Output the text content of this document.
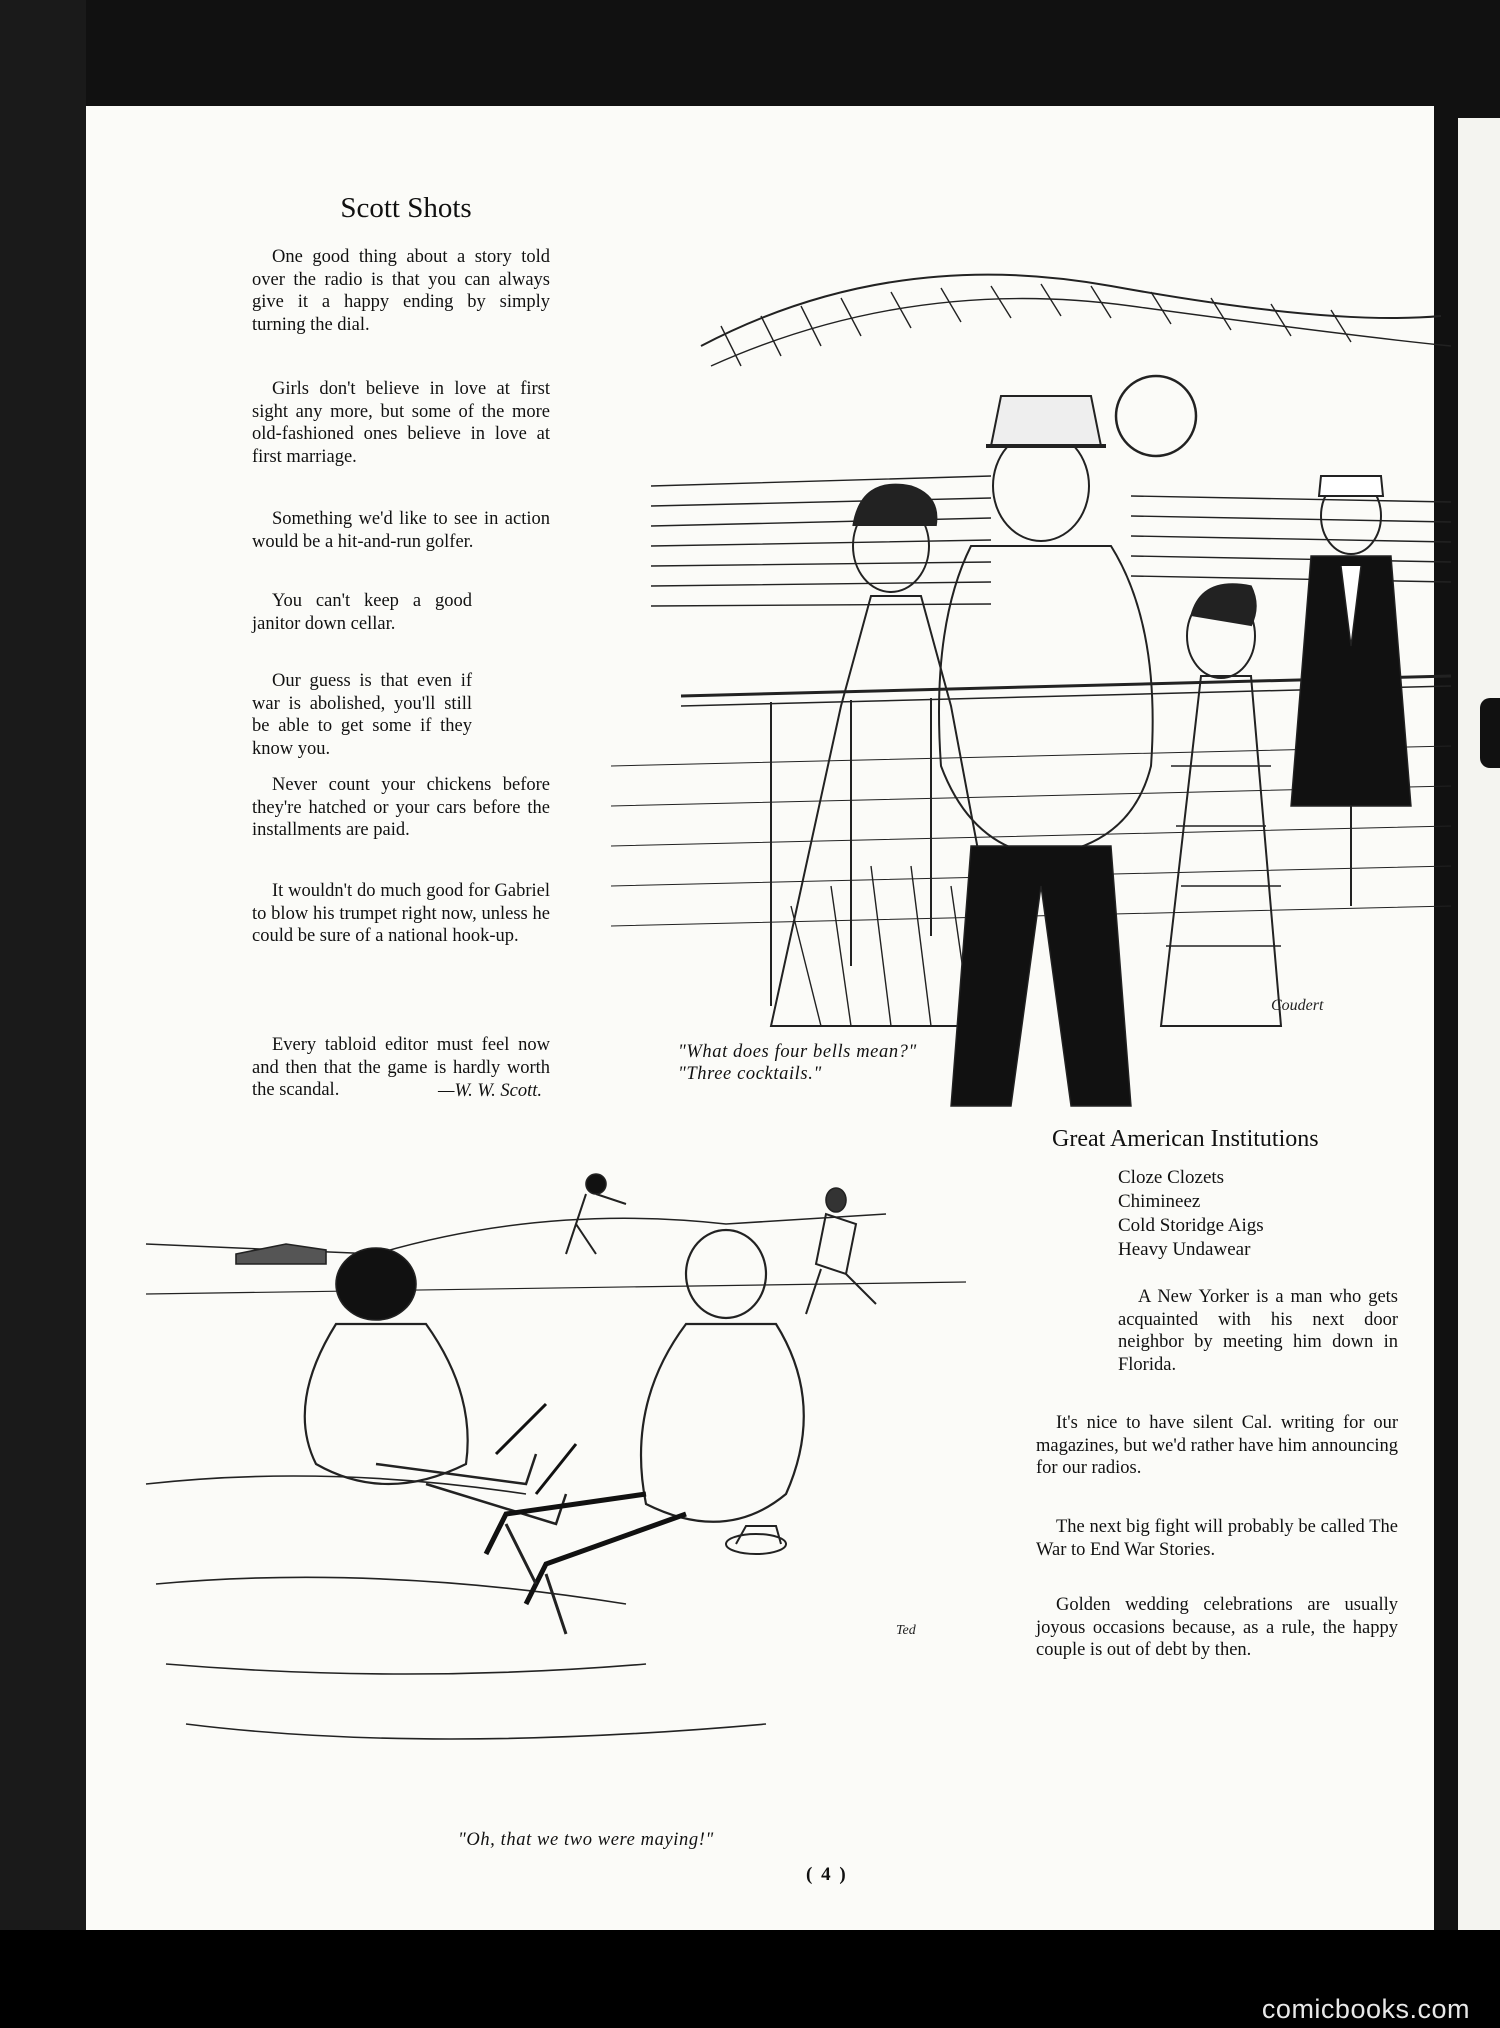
Scott Shots

One good thing about a story told over the radio is that you can always give it a happy ending by simply turning the dial.

Girls don't believe in love at first sight any more, but some of the more old-fashioned ones believe in love at first marriage.

Something we'd like to see in action would be a hit-and-run golfer.

You can't keep a good janitor down cellar.

Our guess is that even if war is abolished, you'll still be able to get some if they know you.

Never count your chickens before they're hatched or your cars before the installments are paid.

It wouldn't do much good for Gabriel to blow his trumpet right now, unless he could be sure of a national hook-up.

Every tabloid editor must feel now and then that the game is hardly worth the scandal.	—W. W. Scott.
Coudert

"What does four bells mean?"
"Three cocktails."

Great American Institutions
Cloze Clozets
Chimineez
Cold Storidge Aigs
Heavy Undawear

A New Yorker is a man who gets acquainted with his next door neighbor by meeting him down in Florida.

It's nice to have silent Cal. writing for our magazines, but we'd rather have him announcing for our radios.

The next big fight will probably be called The War to End War Stories.

Golden wedding celebrations are usually joyous occasions because, as a rule, the happy couple is out of debt by then.

Ted

"Oh, that we two were maying!"

( 4 )
comicbooks.com
